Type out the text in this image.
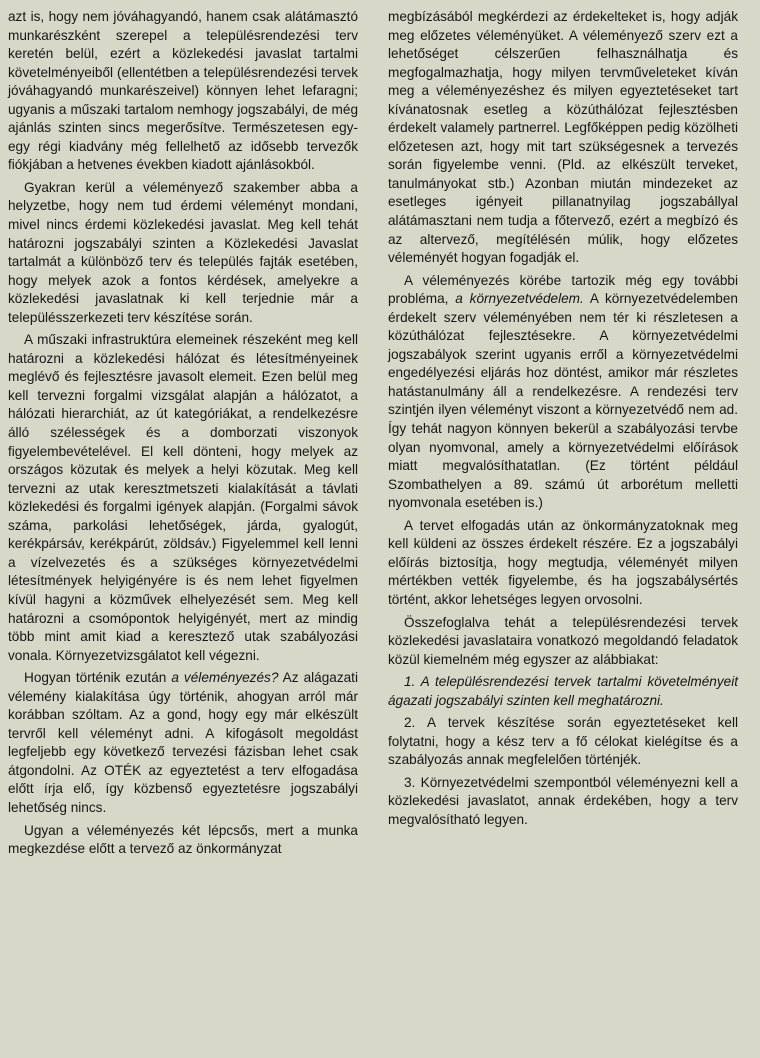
azt is, hogy nem jóváhagyandó, hanem csak alátámasztó munkarészként szerepel a településrendezési terv keretén belül, ezért a közlekedési javaslat tartalmi követelményeiből (ellentétben a településrendezési tervek jóváhagyandó munkarészeivel) könnyen lehet lefaragni; ugyanis a műszaki tartalom nemhogy jogszabályi, de még ajánlás szinten sincs megerősítve. Természetesen egy-egy régi kiadvány még fellelhető az idősebb tervezők fiókjában a hetvenes években kiadott ajánlásokból.

Gyakran kerül a véleményező szakember abba a helyzetbe, hogy nem tud érdemi véleményt mondani, mivel nincs érdemi közlekedési javaslat. Meg kell tehát határozni jogszabályi szinten a Közlekedési Javaslat tartalmát a különböző terv és település fajták esetében, hogy melyek azok a fontos kérdések, amelyekre a közlekedési javaslatnak ki kell terjednie már a településszerkezeti terv készítése során.

A műszaki infrastruktúra elemeinek részeként meg kell határozni a közlekedési hálózat és létesítményeinek meglévő és fejlesztésre javasolt elemeit. Ezen belül meg kell tervezni forgalmi vizsgálat alapján a hálózatot, a hálózati hierarchiát, az út kategóriákat, a rendelkezésre álló szélességek és a domborzati viszonyok figyelembevételével. El kell dönteni, hogy melyek az országos közutak és melyek a helyi közutak. Meg kell tervezni az utak keresztmetszeti kialakítását a távlati közlekedési és forgalmi igények alapján. (Forgalmi sávok száma, parkolási lehetőségek, járda, gyalogút, kerékpársáv, kerékpárút, zöldsáv.) Figyelemmel kell lenni a vízelvezetés és a szükséges környezetvédelmi létesítmények helyigényére is és nem lehet figyelmen kívül hagyni a közművek elhelyezését sem. Meg kell határozni a csomópontok helyigényét, mert az mindig több mint amit kiad a keresztező utak szabályozási vonala. Környezetvizsgálatot kell végezni.

Hogyan történik ezután a véleményezés? Az alágazati vélemény kialakítása úgy történik, ahogyan arról már korábban szóltam. Az a gond, hogy egy már elkészült tervről kell véleményt adni. A kifogásolt megoldást legfeljebb egy következő tervezési fázisban lehet csak átgondolni. Az OTÉK az egyeztetést a terv elfogadása előtt írja elő, így közbenső egyeztetésre jogszabályi lehetőség nincs.

Ugyan a véleményezés két lépcsős, mert a munka megkezdése előtt a tervező az önkormányzat

megbízásából megkérdezi az érdekelteket is, hogy adják meg előzetes véleményüket. A véleményező szerv ezt a lehetőséget célszerűen felhasználhatja és megfogalmazhatja, hogy milyen tervműveleteket kíván meg a véleményezéshez és milyen egyeztetéseket tart kívánatosnak esetleg a közúthálózat fejlesztésben érdekelt valamely partnerrel. Legfőképpen pedig közölheti előzetesen azt, hogy mit tart szükségesnek a tervezés során figyelembe venni. (Pld. az elkészült terveket, tanulmányokat stb.) Azonban miután mindezeket az esetleges igényeit pillanatnyilag jogszabállyal alátámasztani nem tudja a főtervező, ezért a megbízó és az altervező, megítélésén múlik, hogy előzetes véleményét hogyan fogadják el.

A véleményezés körébe tartozik még egy további probléma, a környezetvédelem. A környezetvédelemben érdekelt szerv véleményében nem tér ki részletesen a közúthálózat fejlesztésekre. A környezetvédelmi jogszabályok szerint ugyanis erről a környezetvédelmi engedélyezési eljárás hoz döntést, amikor már részletes hatástanulmány áll a rendelkezésre. A rendezési terv szintjén ilyen véleményt viszont a környezetvédő nem ad. Így tehát nagyon könnyen bekerül a szabályozási tervbe olyan nyomvonal, amely a környezetvédelmi előírások miatt megvalósíthatatlan. (Ez történt például Szombathelyen a 89. számú út arborétum melletti nyomvonala esetében is.)

A tervet elfogadás után az önkormányzatoknak meg kell küldeni az összes érdekelt részére. Ez a jogszabályi előírás biztosítja, hogy megtudja, véleményét milyen mértékben vették figyelembe, és ha jogszabálysértés történt, akkor lehetséges legyen orvosolni.

Összefoglalva tehát a településrendezési tervek közlekedési javaslataira vonatkozó megoldandó feladatok közül kiemelném még egyszer az alábbiakat:

1. A településrendezési tervek tartalmi követelményeit ágazati jogszabályi szinten kell meghatározni.

2. A tervek készítése során egyeztetéseket kell folytatni, hogy a kész terv a fő célokat kielégítse és a szabályozás annak megfelelően történjék.

3. Környezetvédelmi szempontból véleményezni kell a közlekedési javaslatot, annak érdekében, hogy a terv megvalósítható legyen.
